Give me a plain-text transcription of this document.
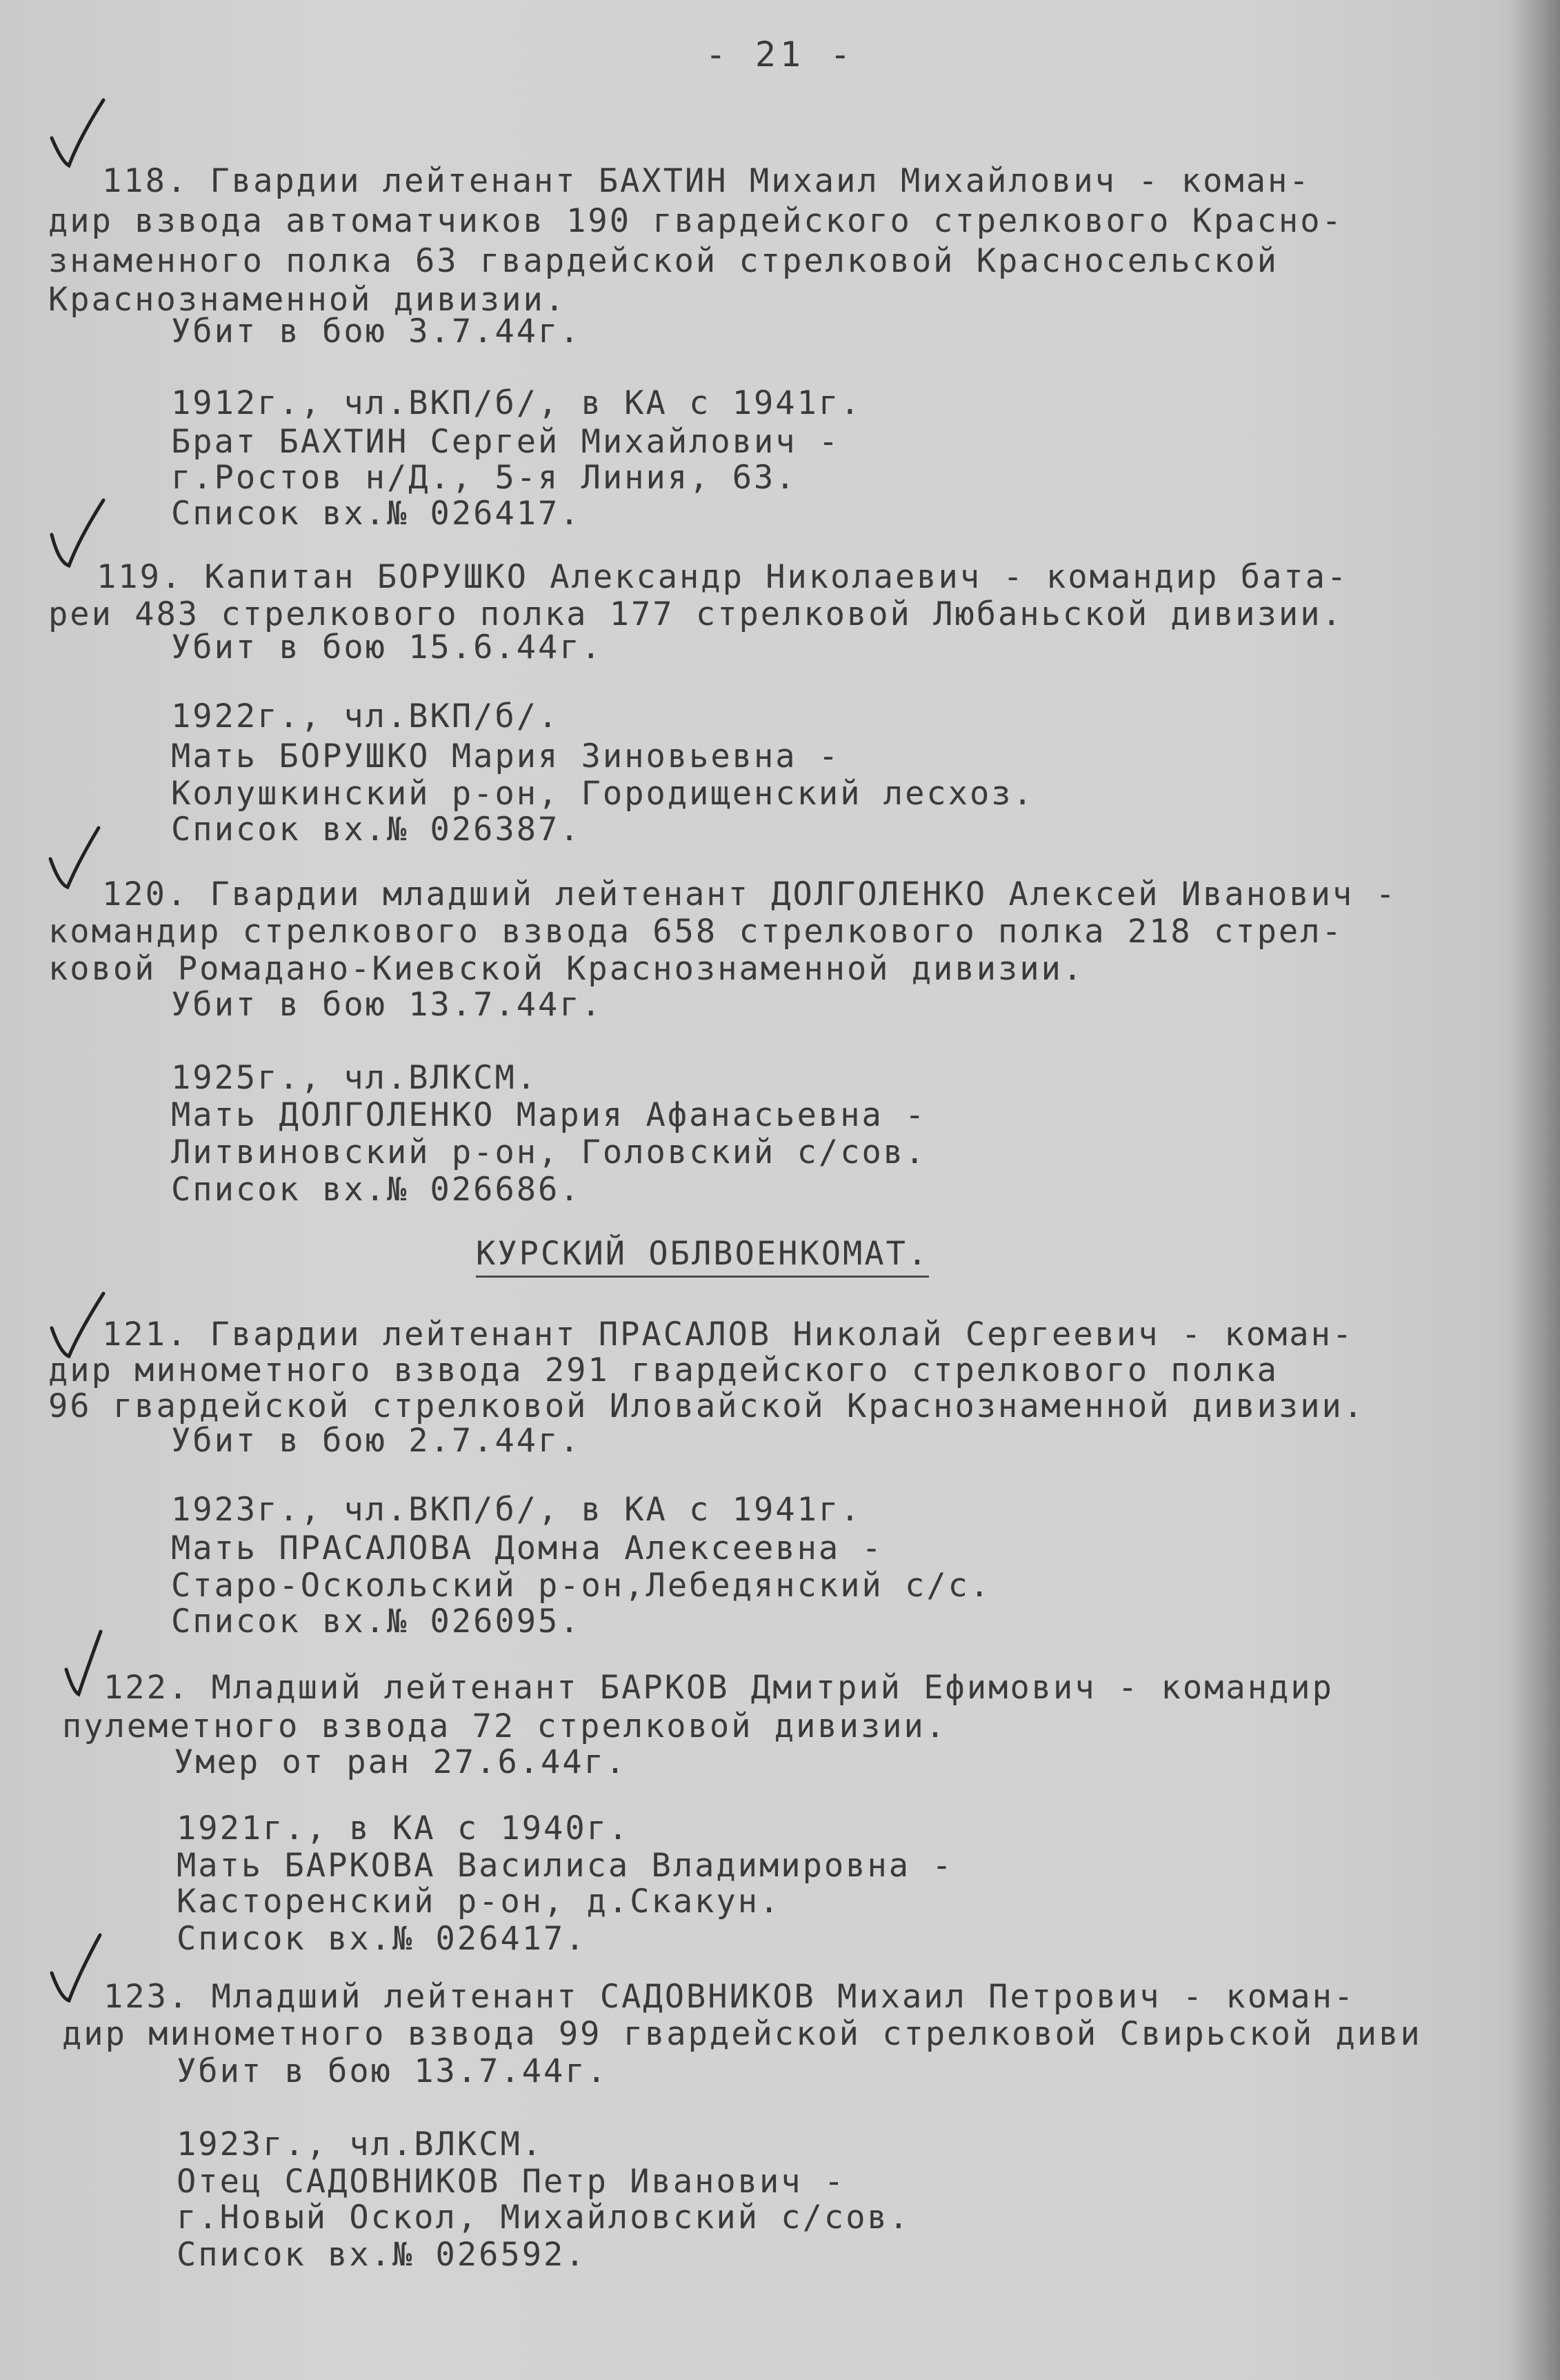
- 21 -
118. Гвардии лейтенант БАХТИН Михаил Михайлович - коман-
дир взвода автоматчиков 190 гвардейского стрелкового Красно-
знаменного полка 63 гвардейской стрелковой Красносельской
Краснознаменной дивизии.
Убит в бою 3.7.44г.
1912г., чл.ВКП/б/, в КА с 1941г.
Брат БАХТИН Сергей Михайлович -
г.Ростов н/Д., 5-я Линия, 63.
Список вх.№ 026417.
119. Капитан БОРУШКО Александр Николаевич - командир бата-
реи 483 стрелкового полка 177 стрелковой Любаньской дивизии.
Убит в бою 15.6.44г.
1922г., чл.ВКП/б/.
Мать БОРУШКО Мария Зиновьевна -
Колушкинский р-он, Городищенский лесхоз.
Список вх.№ 026387.
120. Гвардии младший лейтенант ДОЛГОЛЕНКО Алексей Иванович -
командир стрелкового взвода 658 стрелкового полка 218 стрел-
ковой Ромадано-Киевской Краснознаменной дивизии.
Убит в бою 13.7.44г.
1925г., чл.ВЛКСМ.
Мать ДОЛГОЛЕНКО Мария Афанасьевна -
Литвиновский р-он, Головский с/сов.
Список вх.№ 026686.
КУРСКИЙ ОБЛВОЕНКОМАТ.
121. Гвардии лейтенант ПРАСАЛОВ Николай Сергеевич - коман-
дир минометного взвода 291 гвардейского стрелкового полка
96 гвардейской стрелковой Иловайской Краснознаменной дивизии.
Убит в бою 2.7.44г.
1923г., чл.ВКП/б/, в КА с 1941г.
Мать ПРАСАЛОВА Домна Алексеевна -
Старо-Оскольский р-он,Лебедянский с/с.
Список вх.№ 026095.
122. Младший лейтенант БАРКОВ Дмитрий Ефимович - командир
пулеметного взвода 72 стрелковой дивизии.
Умер от ран 27.6.44г.
1921г., в КА с 1940г.
Мать БАРКОВА Василиса Владимировна -
Касторенский р-он, д.Скакун.
Список вх.№ 026417.
123. Младший лейтенант САДОВНИКОВ Михаил Петрович - коман-
дир минометного взвода 99 гвардейской стрелковой Свирьской диви
Убит в бою 13.7.44г.
1923г., чл.ВЛКСМ.
Отец САДОВНИКОВ Петр Иванович -
г.Новый Оскол, Михайловский с/сов.
Список вх.№ 026592.
